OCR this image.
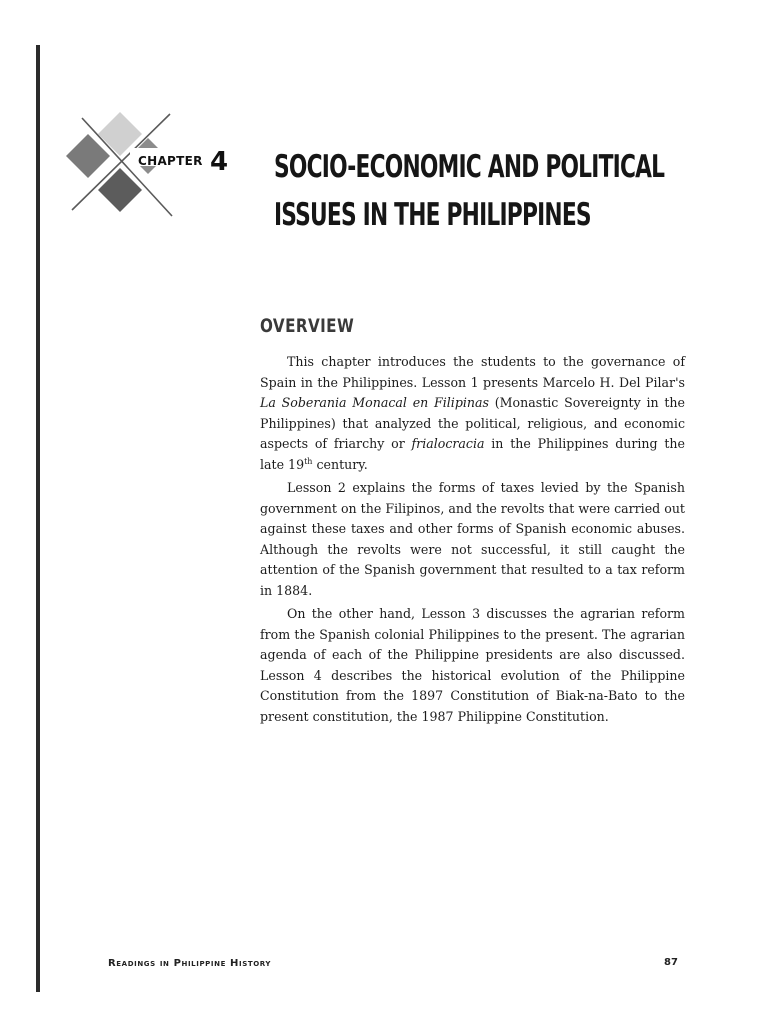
CHAPTER 4 SOCIO-ECONOMIC AND POLITICAL
ISSUES IN THE PHILIPPINES
OVERVIEW

This chapter introduces the students to the governance of Spain in the Philippines. Lesson 1 presents Marcelo H. Del Pilar's La Soberania Monacal en Filipinas (Monastic Sovereignty in the Philippines) that analyzed the political, religious, and economic aspects of friarchy or frialocracia in the Philippines during the late 19th century.

Lesson 2 explains the forms of taxes levied by the Spanish government on the Filipinos, and the revolts that were carried out against these taxes and other forms of Spanish economic abuses. Although the revolts were not successful, it still caught the attention of the Spanish government that resulted to a tax reform in 1884.

On the other hand, Lesson 3 discusses the agrarian reform from the Spanish colonial Philippines to the present. The agrarian agenda of each of the Philippine presidents are also discussed. Lesson 4 describes the historical evolution of the Philippine Constitution from the 1897 Constitution of Biak-na-Bato to the present constitution, the 1987 Philippine Constitution.

Readings in Philippine History	87
